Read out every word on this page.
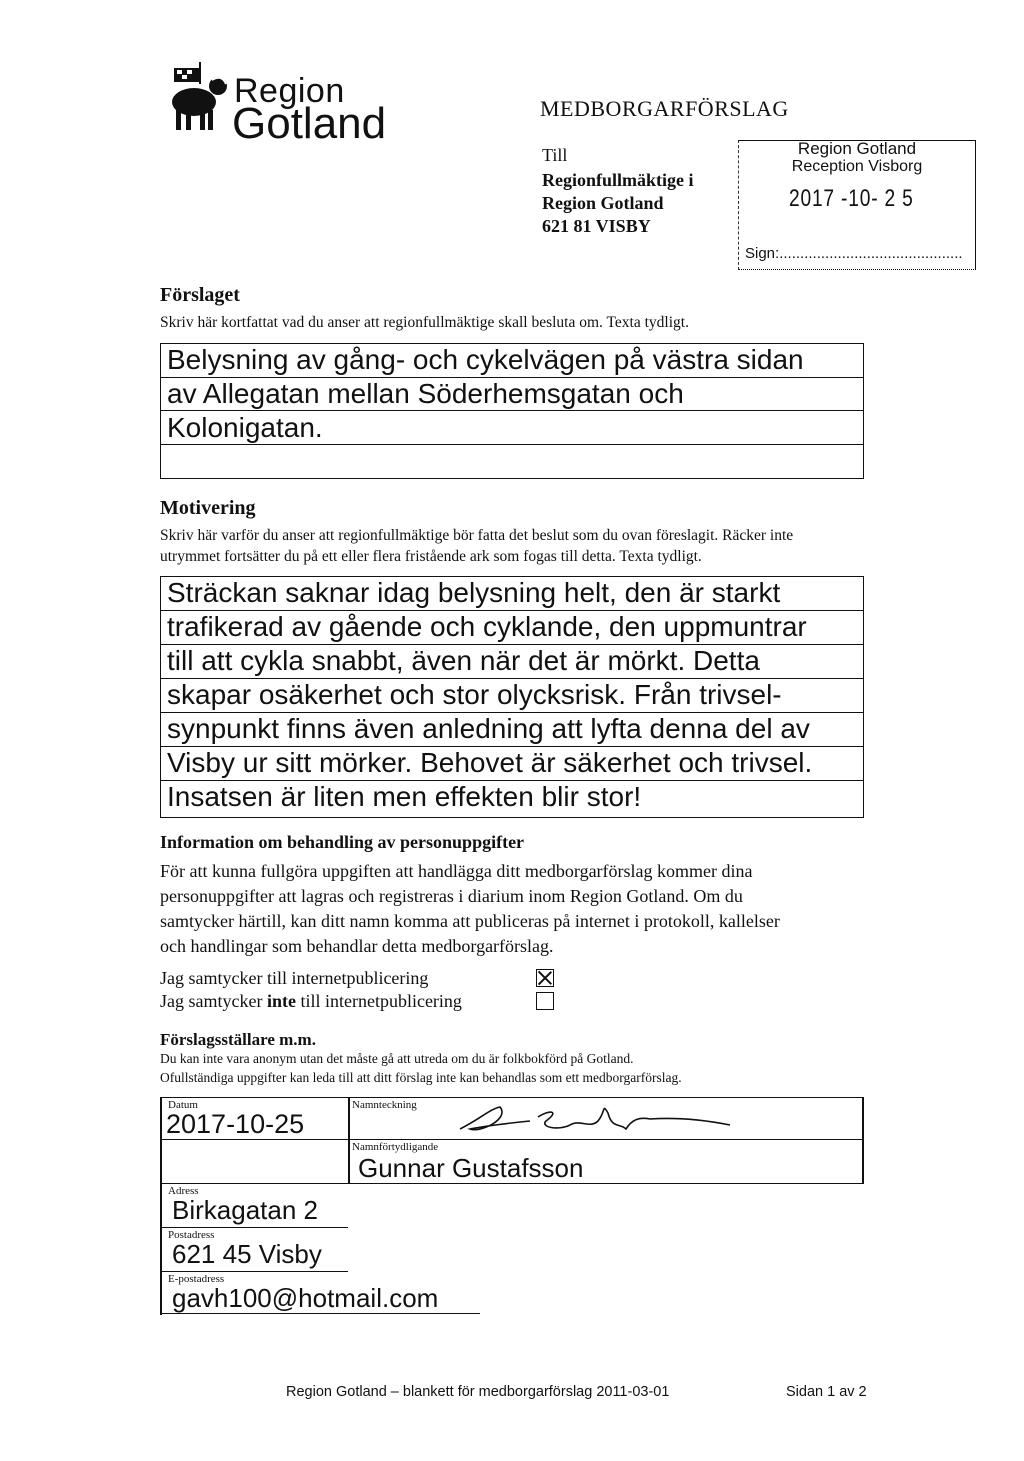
Region
Gotland	MEDBORGARFÖRSLAG
Till
Regionfullmäktige i
Region Gotland
621 81 VISBY
Region Gotland
Reception Visborg
2017 -10- 2 5
Sign:............................................
Förslaget
Skriv här kortfattat vad du anser att regionfullmäktige skall besluta om. Texta tydligt.
Belysning av gång- och cykelvägen på västra sidan
av Allegatan mellan Söderhemsgatan och
Kolonigatan.
Motivering
Skriv här varför du anser att regionfullmäktige bör fatta det beslut som du ovan föreslagit. Räcker inte
utrymmet fortsätter du på ett eller flera fristående ark som fogas till detta. Texta tydligt.
Sträckan saknar idag belysning helt, den är starkt
trafikerad av gående och cyklande, den uppmuntrar
till att cykla snabbt, även när det är mörkt. Detta
skapar osäkerhet och stor olycksrisk. Från trivsel-
synpunkt finns även anledning att lyfta denna del av
Visby ur sitt mörker. Behovet är säkerhet och trivsel.
Insatsen är liten men effekten blir stor!
Information om behandling av personuppgifter
För att kunna fullgöra uppgiften att handlägga ditt medborgarförslag kommer dina
personuppgifter att lagras och registreras i diarium inom Region Gotland. Om du
samtycker härtill, kan ditt namn komma att publiceras på internet i protokoll, kallelser
och handlingar som behandlar detta medborgarförslag.
Jag samtycker till internetpublicering
Jag samtycker inte till internetpublicering
Förslagsställare m.m.
Du kan inte vara anonym utan det måste gå att utreda om du är folkbokförd på Gotland.
Ofullständiga uppgifter kan leda till att ditt förslag inte kan behandlas som ett medborgarförslag.
Datum
2017-10-25
Namnteckning
Namnförtydligande
Gunnar Gustafsson
Adress
Birkagatan 2
Postadress
621 45 Visby
E-postadress
gavh100@hotmail.com
Region Gotland – blankett för medborgarförslag 2011-03-01	Sidan 1 av 2
